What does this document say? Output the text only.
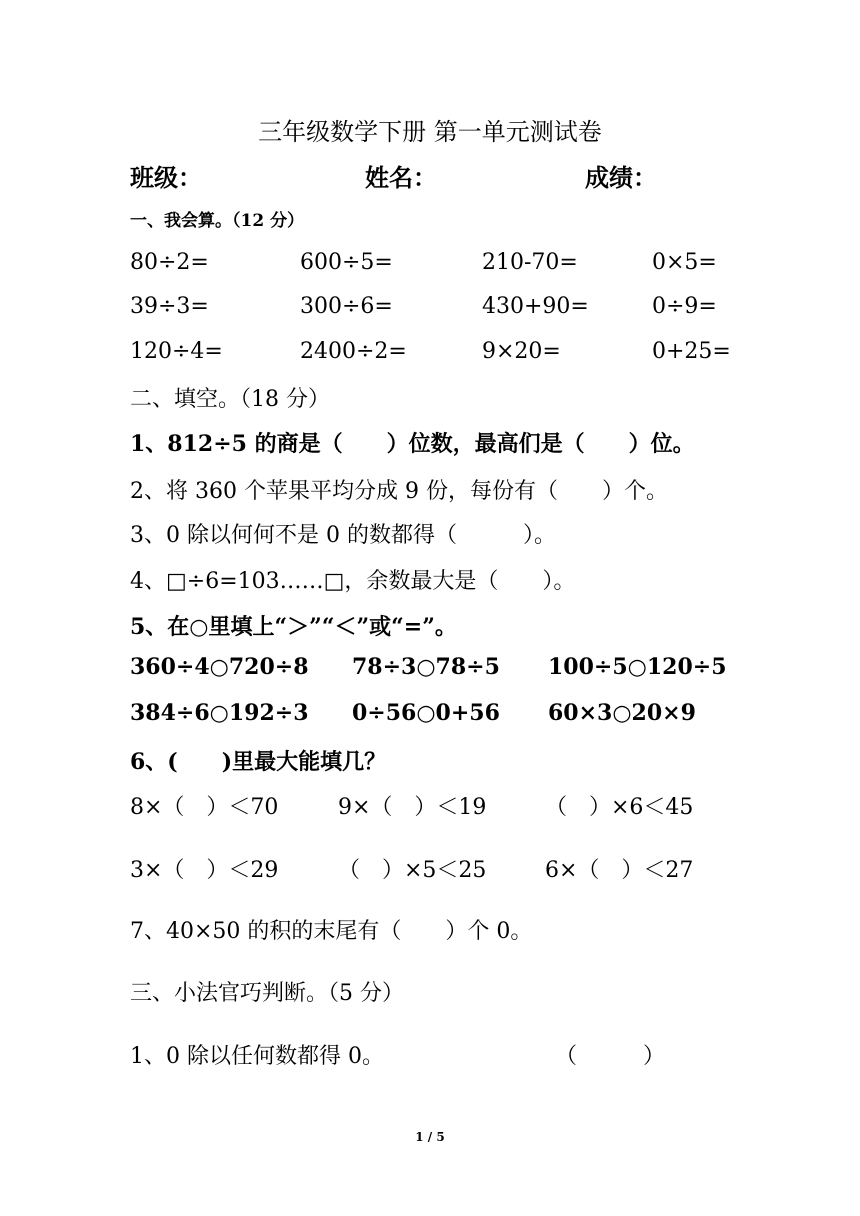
三年级数学下册 第一单元测试卷
班级：	姓名：	成绩：
一、我会算。（12 分）
80÷2=	600÷5=	210-70=	0×5=
39÷3=	300÷6=	430+90=	0÷9=
120÷4=	2400÷2=	9×20=	0+25=
二、填空。（18 分）
1、812÷5 的商是（　　）位数，最高们是（　　）位。
2、将 360 个苹果平均分成 9 份，每份有（　　）个。
3、0 除以何何不是 0 的数都得（　　　）。
4、□÷6=103……□，余数最大是（　　）。
5、在○里填上“＞”“＜”或“=”。
360÷4○720÷8 78÷3○78÷5 100÷5○120÷5
384÷6○192÷3 0÷56○0+56 60×3○20×9
6、(　　)里最大能填几？
8×（　）＜70	9×（　）＜19	（　）×6＜45
3×（　）＜29	（　）×5＜25	6×（　）＜27
7、40×50 的积的末尾有（　　）个 0。
三、小法官巧判断。（5 分）
1、0 除以任何数都得 0。	（　　　）
1 / 5
